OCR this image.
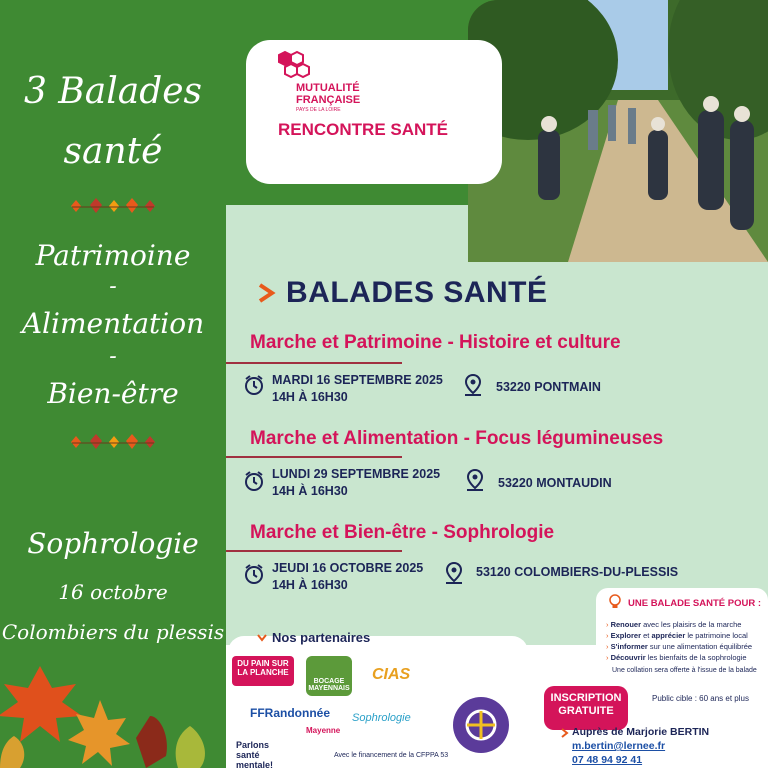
3 Balades
santé
Patrimoine
-
Alimentation
-
Bien-être
Sophrologie
16 octobre
Colombiers du plessis
MUTUALITÉ
FRANÇAISE
PAYS DE LA LOIRE
RENCONTRE SANTÉ
BALADES SANTÉ
Marche et Patrimoine - Histoire et culture
MARDI 16 SEPTEMBRE 2025
14H À 16H30
53220 PONTMAIN
Marche et Alimentation - Focus légumineuses
LUNDI 29 SEPTEMBRE 2025
14H À 16H30
53220 MONTAUDIN
Marche et Bien-être - Sophrologie
JEUDI 16 OCTOBRE 2025
14H À 16H30
53120 COLOMBIERS-DU-PLESSIS
UNE BALADE SANTÉ POUR :
› Renouer avec les plaisirs de la marche
› Explorer et apprécier le patrimoine local
› S'informer sur une alimentation équilibrée
› Découvrir les bienfaits de la sophrologie
Une collation sera offerte à l'issue de la balade
INSCRIPTION
GRATUITE
Public cible : 60 ans et plus
Auprès de Marjorie BERTIN
m.bertin@lernee.fr
07 48 94 92 41
Nos partenaires
DU PAIN SUR LA PLANCHE
BOCAGE MAYENNAIS
CIAS
FFRandonnée
Mayenne
Sophrologie
Parlons santé mentale!
Avec le financement de la CFPPA 53
